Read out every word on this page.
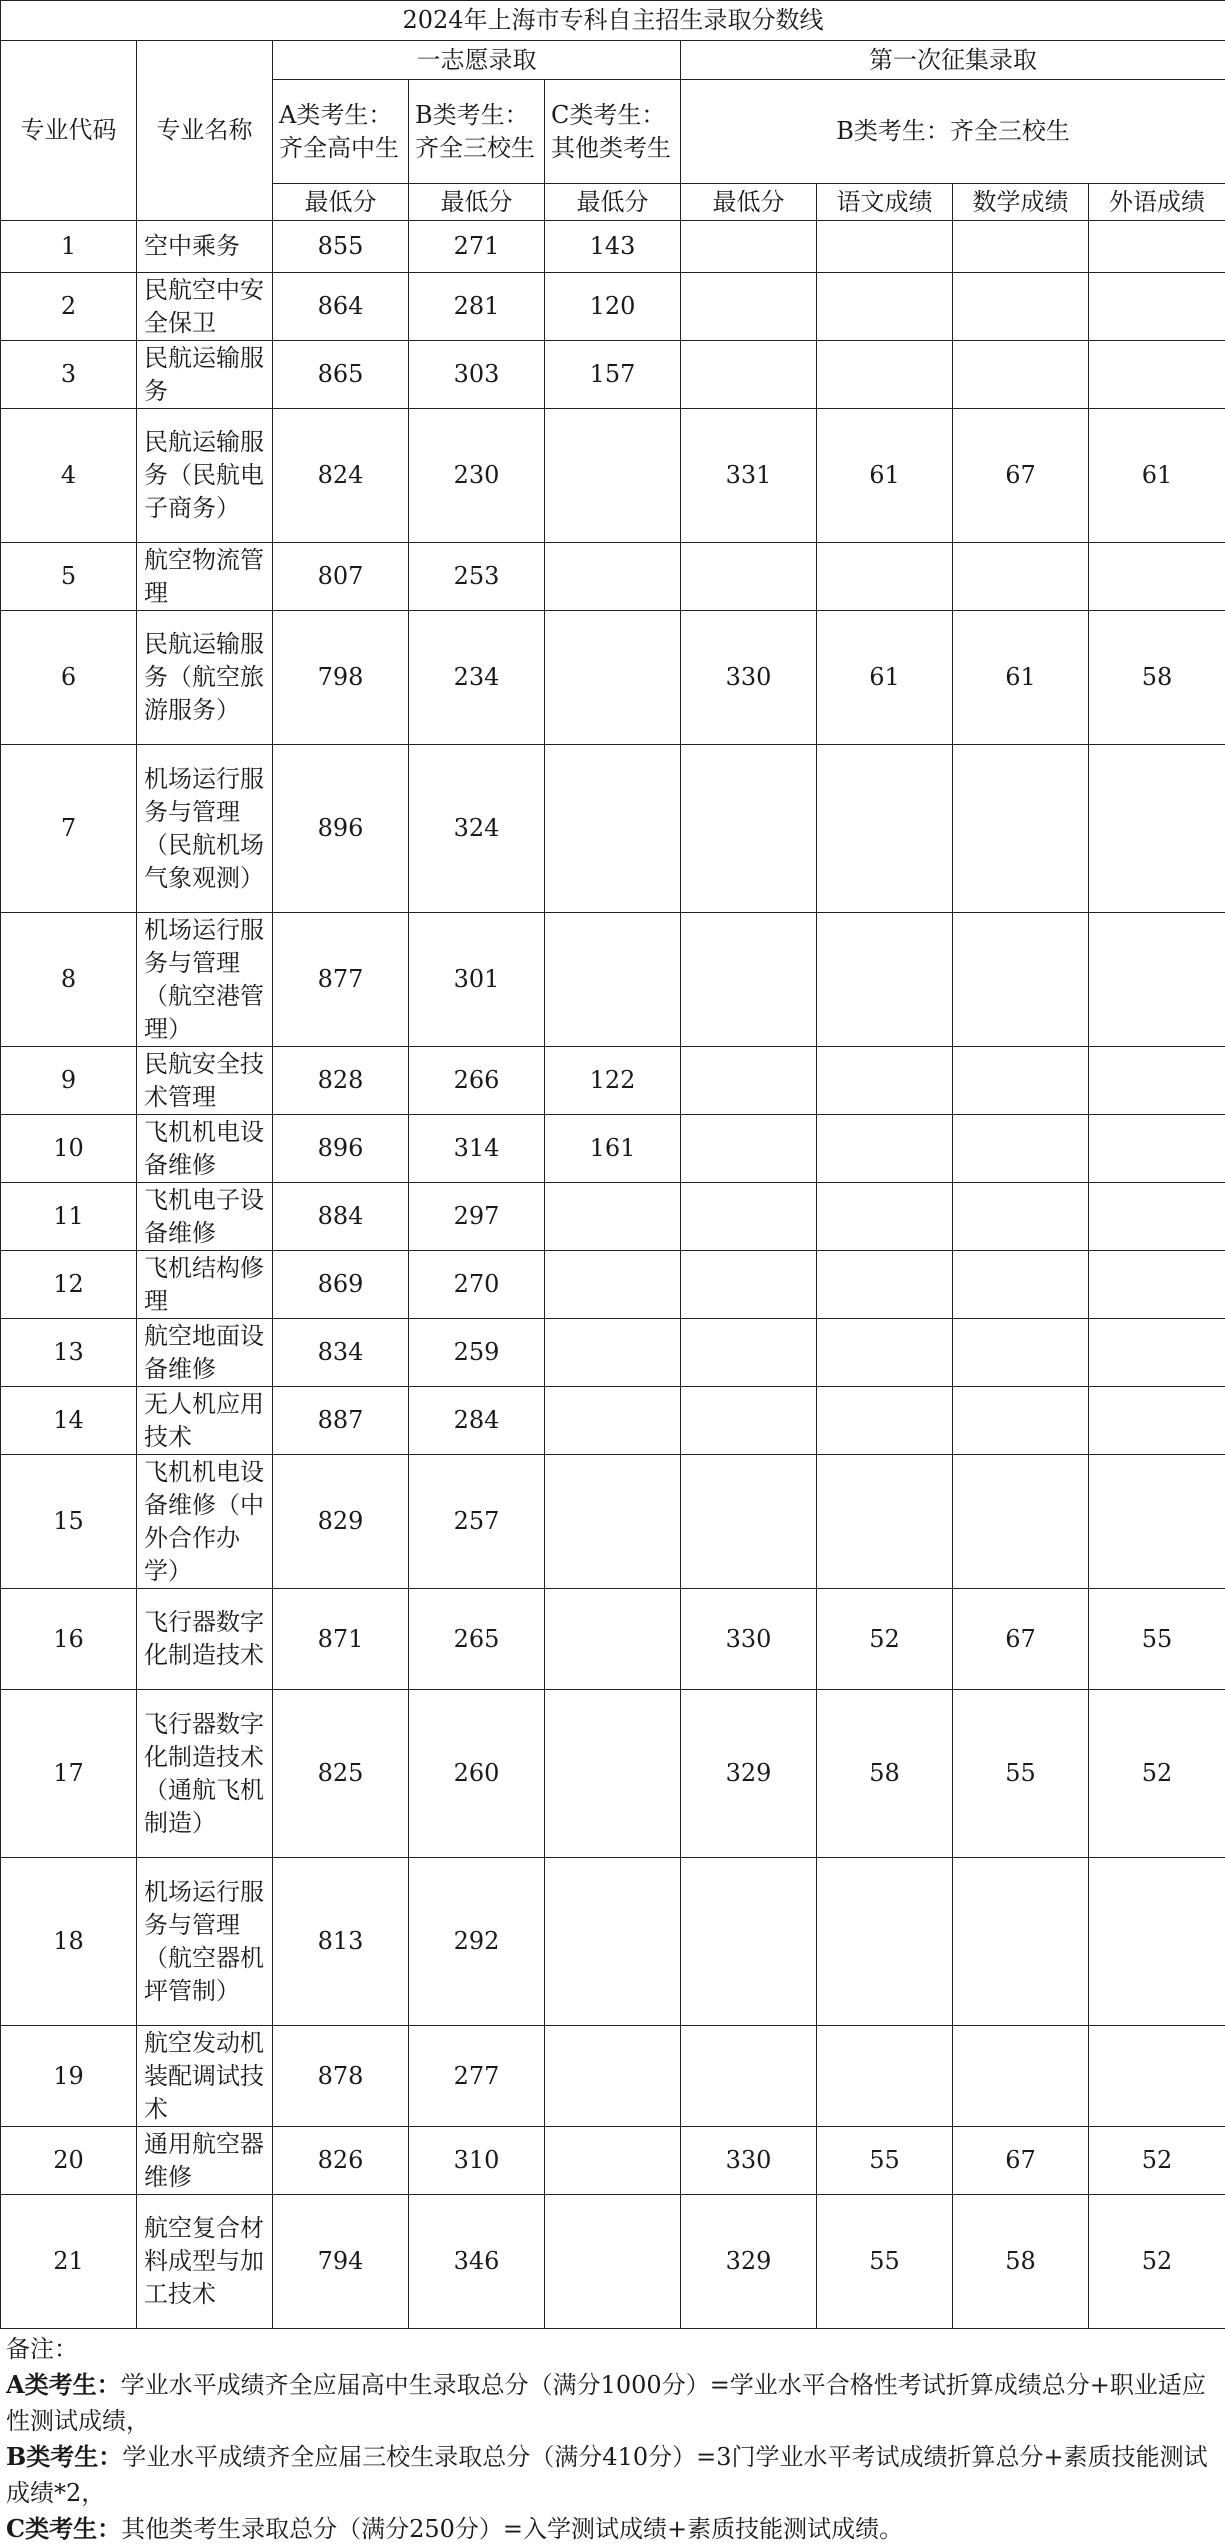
2024年上海市专科自主招生录取分数线								
专业代码	专业名称	一志愿录取			第一次征集录取			
		A类考生：齐全高中生	B类考生：齐全三校生	C类考生：其他类考生	B类考生：齐全三校生			
		最低分	最低分	最低分	最低分	语文成绩	数学成绩	外语成绩
1	空中乘务	855	271	143				
2	民航空中安全保卫	864	281	120				
3	民航运输服务	865	303	157				
4	民航运输服务（民航电子商务）	824	230		331	61	67	61
5	航空物流管理	807	253					
6	民航运输服务（航空旅游服务）	798	234		330	61	61	58
7	机场运行服务与管理（民航机场气象观测）	896	324					
8	机场运行服务与管理（航空港管理）	877	301					
9	民航安全技术管理	828	266	122				
10	飞机机电设备维修	896	314	161				
11	飞机电子设备维修	884	297					
12	飞机结构修理	869	270					
13	航空地面设备维修	834	259					
14	无人机应用技术	887	284					
15	飞机机电设备维修（中外合作办学）	829	257					
16	飞行器数字化制造技术	871	265		330	52	67	55
17	飞行器数字化制造技术（通航飞机制造）	825	260		329	58	55	52
18	机场运行服务与管理（航空器机坪管制）	813	292					
19	航空发动机装配调试技术	878	277					
20	通用航空器维修	826	310		330	55	67	52
21	航空复合材料成型与加工技术	794	346		329	55	58	52

备注：

A类考生：学业水平成绩齐全应届高中生录取总分（满分1000分）=学业水平合格性考试折算成绩总分+职业适应性测试成绩，

B类考生：学业水平成绩齐全应届三校生录取总分（满分410分）=3门学业水平考试成绩折算总分+素质技能测试成绩*2，

C类考生：其他类考生录取总分（满分250分）=入学测试成绩+素质技能测试成绩。
